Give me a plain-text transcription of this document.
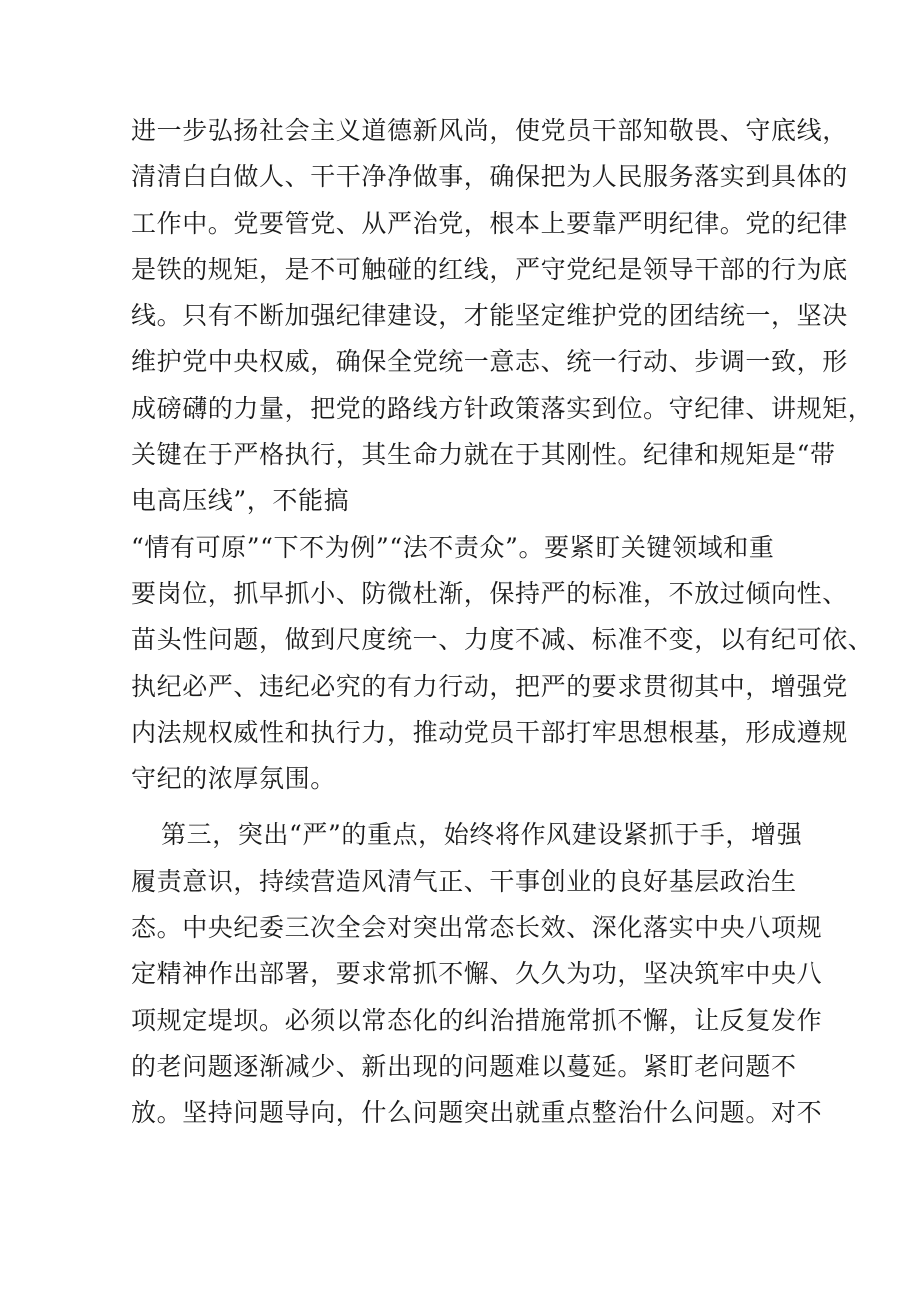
进一步弘扬社会主义道德新风尚，使党员干部知敬畏、守底线，
清清白白做人、干干净净做事，确保把为人民服务落实到具体的
工作中。党要管党、从严治党，根本上要靠严明纪律。党的纪律
是铁的规矩，是不可触碰的红线，严守党纪是领导干部的行为底
线。只有不断加强纪律建设，才能坚定维护党的团结统一，坚决
维护党中央权威，确保全党统一意志、统一行动、步调一致，形
成磅礴的力量，把党的路线方针政策落实到位。守纪律、讲规矩，
关键在于严格执行，其生命力就在于其刚性。纪律和规矩是“带
电高压线”，不能搞
“情有可原”“下不为例”“法不责众”。要紧盯关键领域和重
要岗位，抓早抓小、防微杜渐，保持严的标准，不放过倾向性、
苗头性问题，做到尺度统一、力度不减、标准不变，以有纪可依、
执纪必严、违纪必究的有力行动，把严的要求贯彻其中，增强党
内法规权威性和执行力，推动党员干部打牢思想根基，形成遵规
守纪的浓厚氛围。
第三，突出“严”的重点，始终将作风建设紧抓于手，增强
履责意识，持续营造风清气正、干事创业的良好基层政治生
态。中央纪委三次全会对突出常态长效、深化落实中央八项规
定精神作出部署，要求常抓不懈、久久为功，坚决筑牢中央八
项规定堤坝。必须以常态化的纠治措施常抓不懈，让反复发作
的老问题逐渐减少、新出现的问题难以蔓延。紧盯老问题不
放。坚持问题导向，什么问题突出就重点整治什么问题。对不
